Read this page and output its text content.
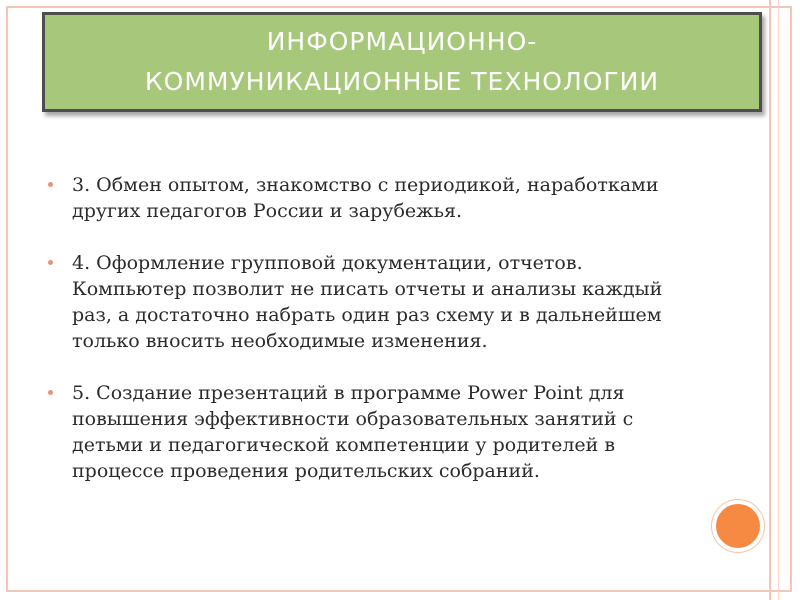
ИНФОРМАЦИОННО-
КОММУНИКАЦИОННЫЕ ТЕХНОЛОГИИ
3. Обмен опытом, знакомство с периодикой, наработками
других педагогов России и зарубежья.
4. Оформление групповой документации, отчетов.
Компьютер позволит не писать отчеты и анализы каждый
раз, а достаточно набрать один раз схему и в дальнейшем
только вносить необходимые изменения.
5. Создание презентаций в программе Power Point для
повышения эффективности образовательных занятий с
детьми и педагогической компетенции у родителей в
процессе проведения родительских собраний.
